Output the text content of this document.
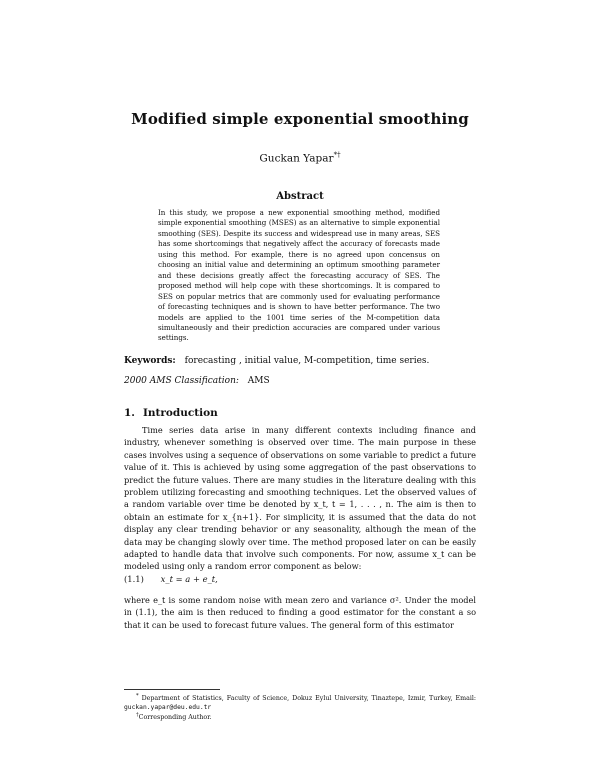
Modified simple exponential smoothing
Guckan Yapar*†
Abstract

In this study, we propose a new exponential smoothing method, modified simple exponential smoothing (MSES) as an alternative to simple exponential smoothing (SES). Despite its success and widespread use in many areas, SES has some shortcomings that negatively affect the accuracy of forecasts made using this method. For example, there is no agreed upon concensus on choosing an initial value and determining an optimum smoothing parameter and these decisions greatly affect the forecasting accuracy of SES. The proposed method will help cope with these shortcomings. It is compared to SES on popular metrics that are commonly used for evaluating performance of forecasting techniques and is shown to have better performance. The two models are applied to the 1001 time series of the M-competition data simultaneously and their prediction accuracies are compared under various settings.

Keywords: forecasting , initial value, M-competition, time series.
2000 AMS Classification: AMS
1. Introduction

Time series data arise in many different contexts including finance and industry, whenever something is observed over time. The main purpose in these cases involves using a sequence of observations on some variable to predict a future value of it. This is achieved by using some aggregation of the past observations to predict the future values. There are many studies in the literature dealing with this problem utilizing forecasting and smoothing techniques. Let the observed values of a random variable over time be denoted by x_t, t = 1, . . . , n. The aim is then to obtain an estimate for x_{n+1}. For simplicity, it is assumed that the data do not display any clear trending behavior or any seasonality, although the mean of the data may be changing slowly over time. The method proposed later on can be easily adapted to handle data that involve such components. For now, assume x_t can be modeled using only a random error component as below:

(1.1) x_t = a + e_t,

where e_t is some random noise with mean zero and variance σ². Under the model in (1.1), the aim is then reduced to finding a good estimator for the constant a so that it can be used to forecast future values. The general form of this estimator

* Department of Statistics, Faculty of Science, Dokuz Eylul University, Tinaztepe, Izmir, Turkey, Email: guckan.yapar@deu.edu.tr

†Corresponding Author.
